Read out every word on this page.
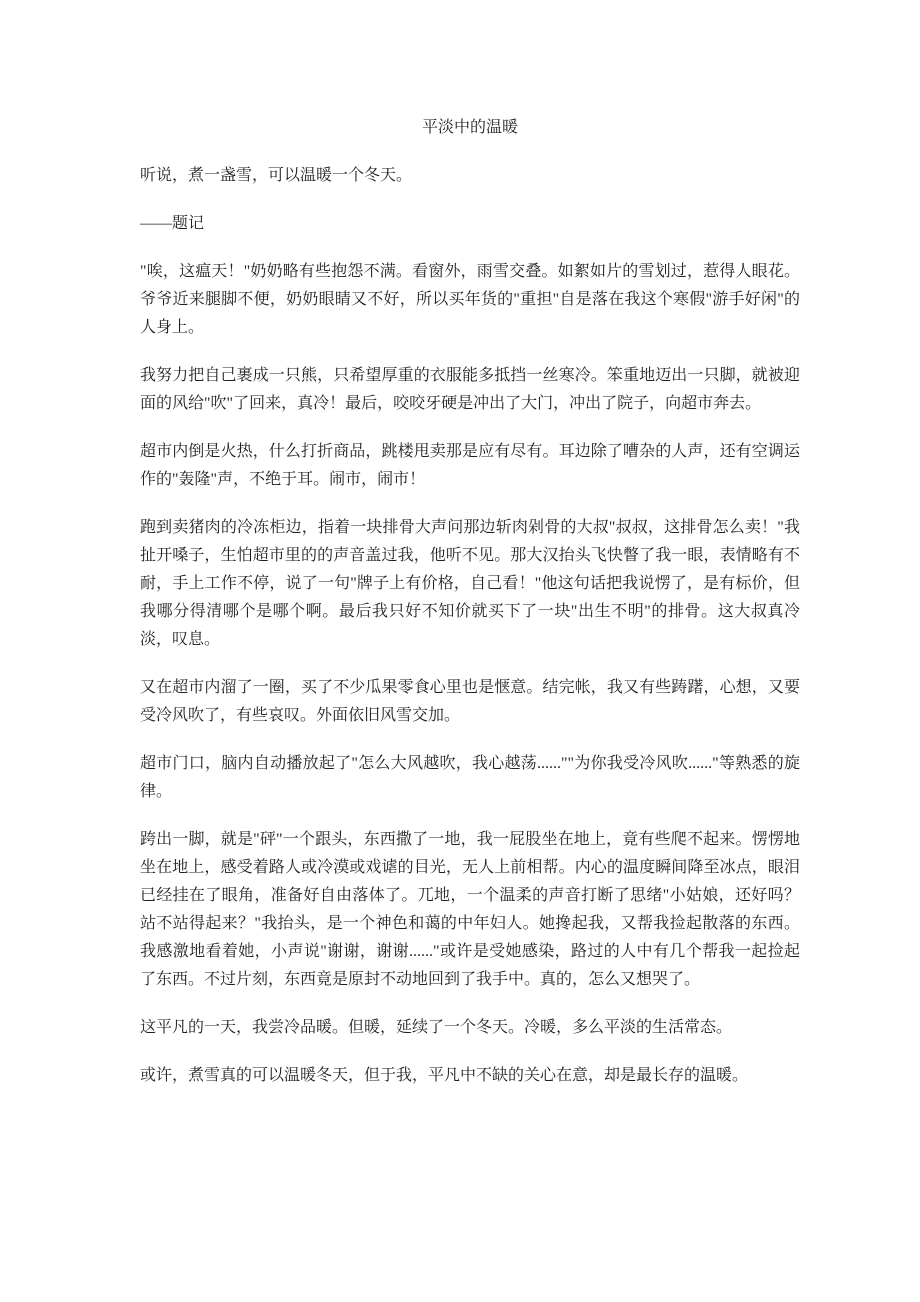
平淡中的温暖

听说，煮一盏雪，可以温暖一个冬天。

——题记

"唉，这瘟天！"奶奶略有些抱怨不满。看窗外，雨雪交叠。如絮如片的雪划过，惹得人眼花。爷爷近来腿脚不便，奶奶眼睛又不好，所以买年货的"重担"自是落在我这个寒假"游手好闲"的人身上。

我努力把自己裹成一只熊，只希望厚重的衣服能多抵挡一丝寒冷。笨重地迈出一只脚，就被迎面的风给"吹"了回来，真冷！最后，咬咬牙硬是冲出了大门，冲出了院子，向超市奔去。

超市内倒是火热，什么打折商品，跳楼甩卖那是应有尽有。耳边除了嘈杂的人声，还有空调运作的"轰隆"声，不绝于耳。闹市，闹市！

跑到卖猪肉的冷冻柜边，指着一块排骨大声问那边斩肉剁骨的大叔"叔叔，这排骨怎么卖！"我扯开嗓子，生怕超市里的的声音盖过我，他听不见。那大汉抬头飞快瞥了我一眼，表情略有不耐，手上工作不停，说了一句"牌子上有价格，自己看！"他这句话把我说愣了，是有标价，但我哪分得清哪个是哪个啊。最后我只好不知价就买下了一块"出生不明"的排骨。这大叔真冷淡，叹息。

又在超市内溜了一圈，买了不少瓜果零食心里也是惬意。结完帐，我又有些踌躇，心想，又要受冷风吹了，有些哀叹。外面依旧风雪交加。

超市门口，脑内自动播放起了"怎么大风越吹，我心越荡......""为你我受冷风吹......"等熟悉的旋律。

跨出一脚，就是"砰"一个跟头，东西撒了一地，我一屁股坐在地上，竟有些爬不起来。愣愣地坐在地上，感受着路人或冷漠或戏谑的目光，无人上前相帮。内心的温度瞬间降至冰点，眼泪已经挂在了眼角，准备好自由落体了。兀地，一个温柔的声音打断了思绪"小姑娘，还好吗？站不站得起来？"我抬头，是一个神色和蔼的中年妇人。她搀起我，又帮我捡起散落的东西。我感激地看着她，小声说"谢谢，谢谢......"或许是受她感染，路过的人中有几个帮我一起捡起了东西。不过片刻，东西竟是原封不动地回到了我手中。真的，怎么又想哭了。

这平凡的一天，我尝冷品暖。但暖，延续了一个冬天。冷暖，多么平淡的生活常态。

或许，煮雪真的可以温暖冬天，但于我，平凡中不缺的关心在意，却是最长存的温暖。
